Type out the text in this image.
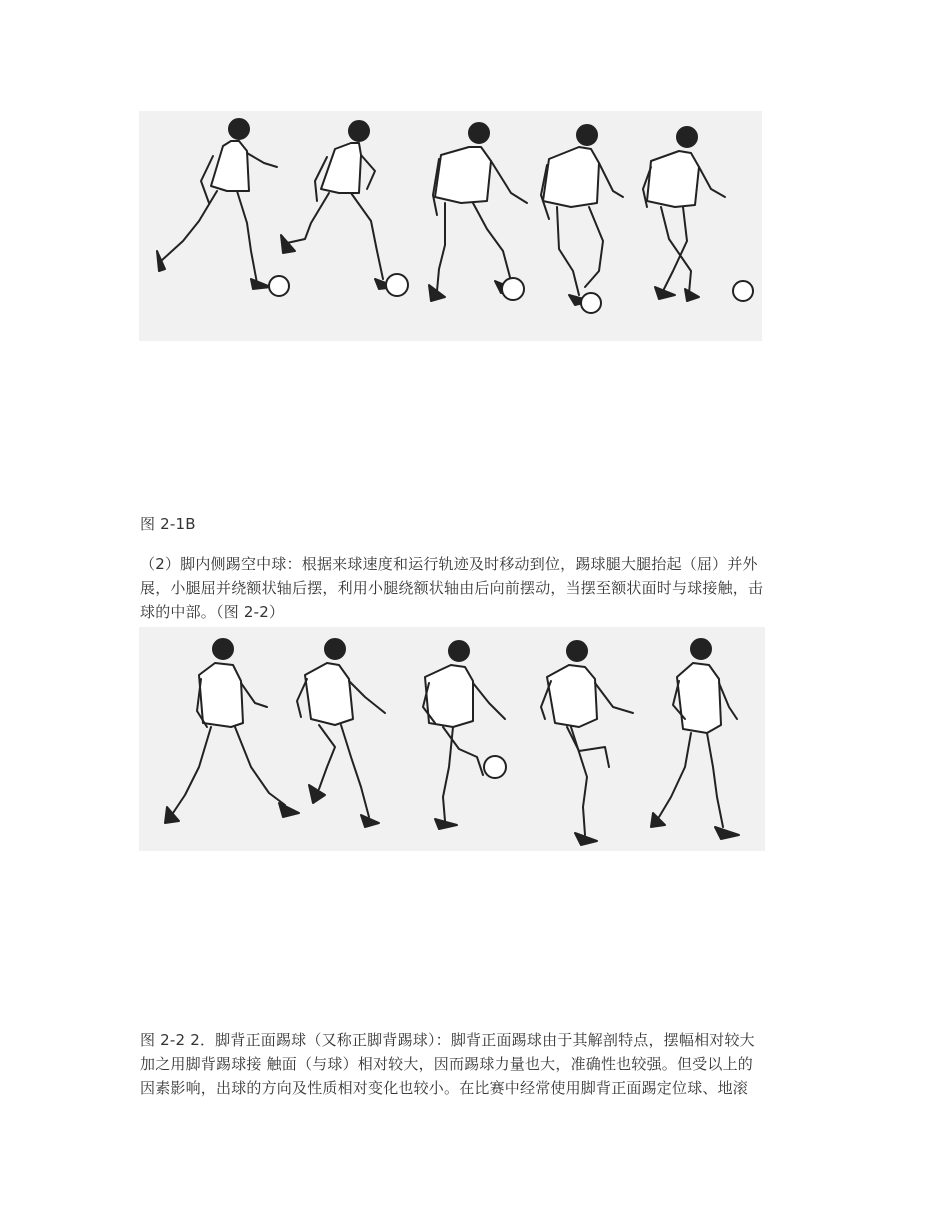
图 2-1B
（2）脚内侧踢空中球：根据来球速度和运行轨迹及时移动到位，踢球腿大腿抬起（屈）并外
展，小腿屈并绕额状轴后摆，利用小腿绕额状轴由后向前摆动，当摆至额状面时与球接触，击
球的中部。（图 2-2）
图 2-2 2．脚背正面踢球（又称正脚背踢球）：脚背正面踢球由于其解剖特点，摆幅相对较大
加之用脚背踢球接 触面（与球）相对较大，因而踢球力量也大，准确性也较强。但受以上的
因素影响，出球的方向及性质相对变化也较小。在比赛中经常使用脚背正面踢定位球、地滚
